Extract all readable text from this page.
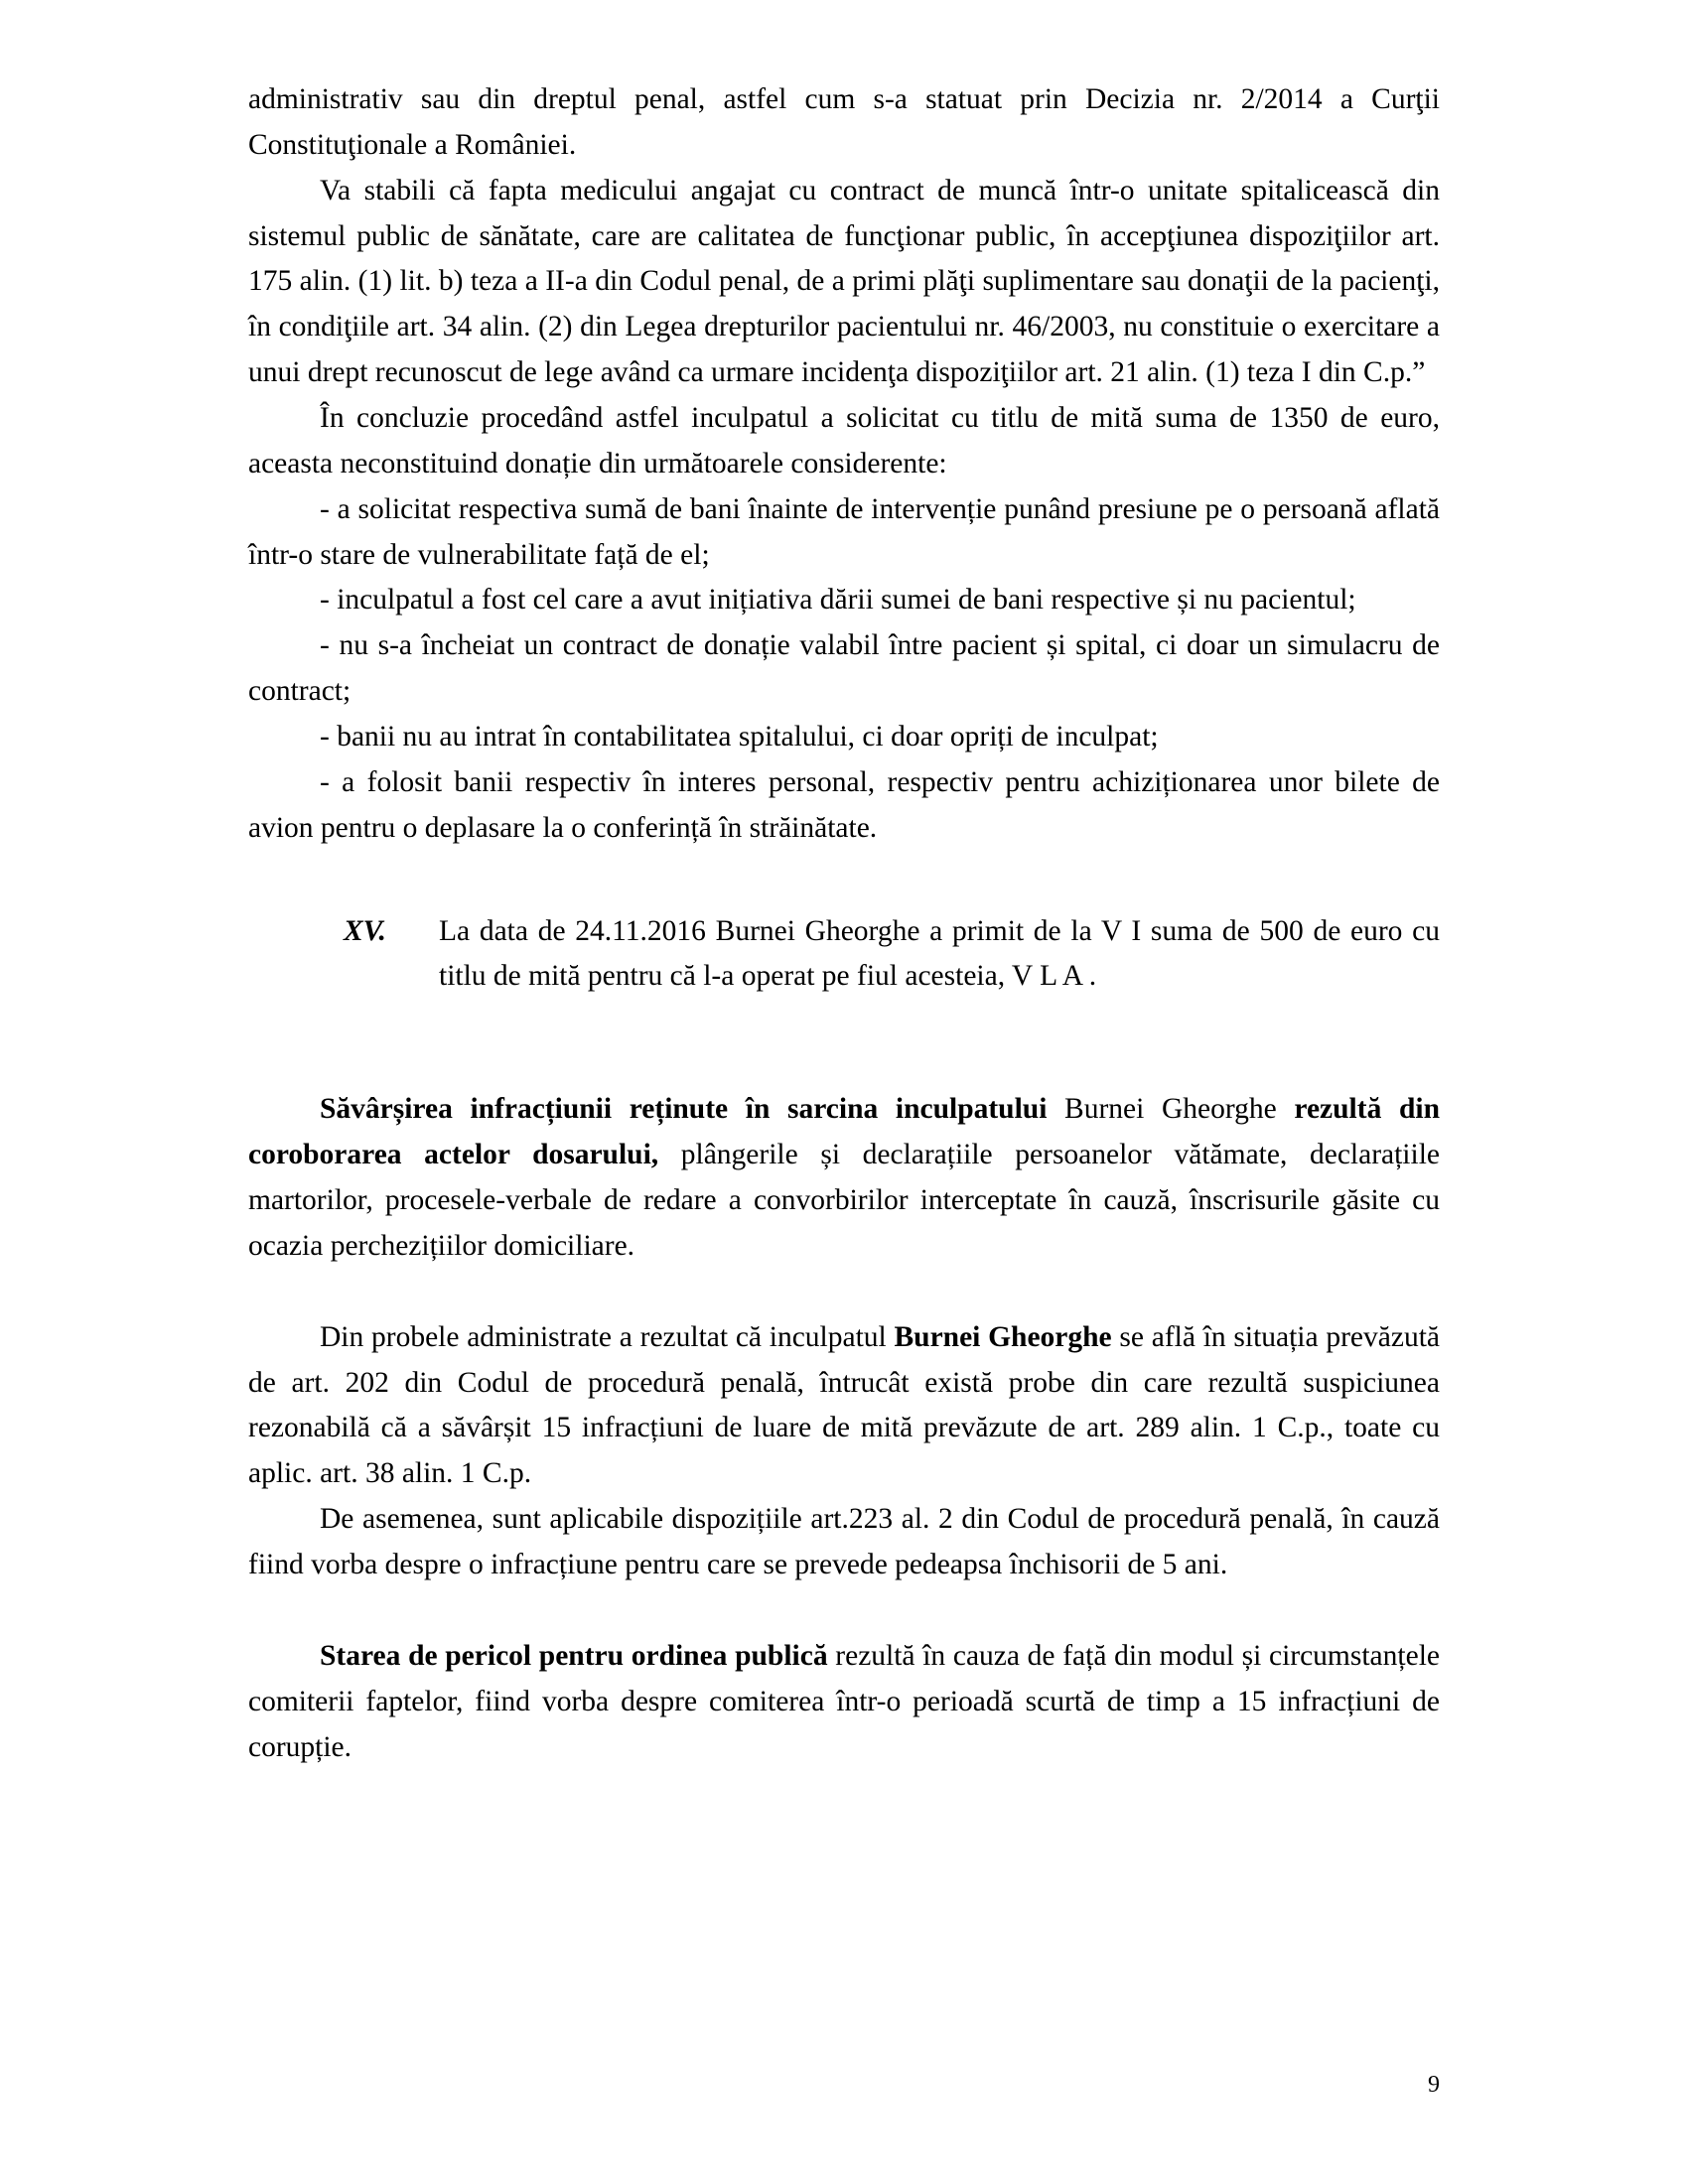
administrativ sau din dreptul penal, astfel cum s-a statuat prin Decizia nr. 2/2014 a Curţii Constituţionale a României.

Va stabili că fapta medicului angajat cu contract de muncă într-o unitate spitalicească din sistemul public de sănătate, care are calitatea de funcţionar public, în accepţiunea dispoziţiilor art. 175 alin. (1) lit. b) teza a II-a din Codul penal, de a primi plăţi suplimentare sau donaţii de la pacienţi, în condiţiile art. 34 alin. (2) din Legea drepturilor pacientului nr. 46/2003, nu constituie o exercitare a unui drept recunoscut de lege având ca urmare incidenţa dispoziţiilor art. 21 alin. (1) teza I din C.p.”

În concluzie procedând astfel inculpatul a solicitat cu titlu de mită suma de 1350 de euro, aceasta neconstituind donație din următoarele considerente:

- a solicitat respectiva sumă de bani înainte de intervenție punând presiune pe o persoană aflată într-o stare de vulnerabilitate față de el;

- inculpatul a fost cel care a avut inițiativa dării sumei de bani respective și nu pacientul;

- nu s-a încheiat un contract de donație valabil între pacient și spital, ci doar un simulacru de contract;

- banii nu au intrat în contabilitatea spitalului, ci doar opriți de inculpat;

- a folosit banii respectiv în interes personal, respectiv pentru achiziționarea unor bilete de avion pentru o deplasare la o conferință în străinătate.

XV.	La data de 24.11.2016 Burnei Gheorghe a primit de la V I suma de 500 de euro cu titlu de mită pentru că l-a operat pe fiul acesteia, V L A .

Săvârșirea infracțiunii reținute în sarcina inculpatului Burnei Gheorghe rezultă din coroborarea actelor dosarului, plângerile și declarațiile persoanelor vătămate, declarațiile martorilor, procesele-verbale de redare a convorbirilor interceptate în cauză, înscrisurile găsite cu ocazia perchezițiilor domiciliare.

Din probele administrate a rezultat că inculpatul Burnei Gheorghe se află în situația prevăzută de art. 202 din Codul de procedură penală, întrucât există probe din care rezultă suspiciunea rezonabilă că a săvârșit 15 infracțiuni de luare de mită prevăzute de art. 289 alin. 1 C.p., toate cu aplic. art. 38 alin. 1 C.p.

De asemenea, sunt aplicabile dispozițiile art.223 al. 2 din Codul de procedură penală, în cauză fiind vorba despre o infracțiune pentru care se prevede pedeapsa închisorii de 5 ani.

Starea de pericol pentru ordinea publică rezultă în cauza de față din modul și circumstanțele comiterii faptelor, fiind vorba despre comiterea într-o perioadă scurtă de timp a 15 infracțiuni de corupție.

9
